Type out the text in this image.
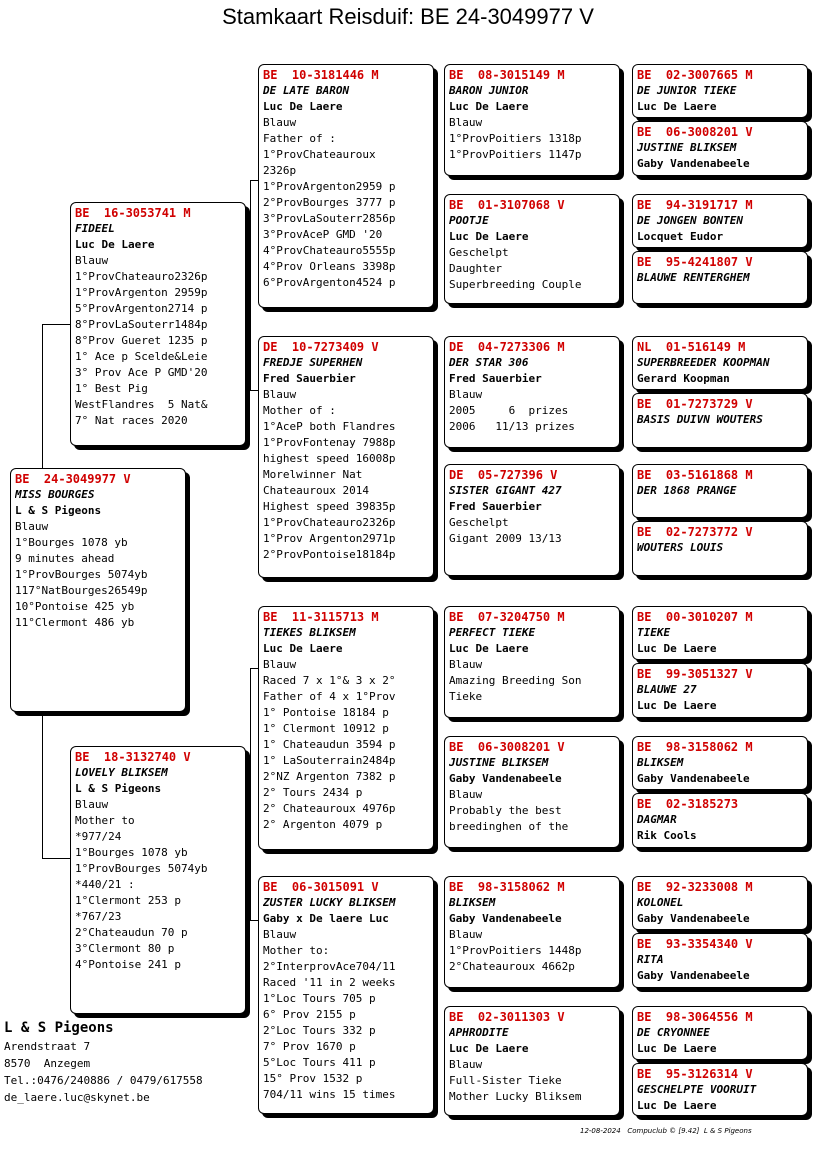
Stamkaart Reisduif: BE 24-3049977 V
BE  24-3049977 V
MISS BOURGES
L & S Pigeons
Blauw
1°Bourges 1078 yb
9 minutes ahead
1°ProvBourges 5074yb
117°NatBourges26549p
10°Pontoise 425 yb
11°Clermont 486 yb
BE  16-3053741 M
FIDEEL
Luc De Laere
Blauw
1°ProvChateauro2326p
1°ProvArgenton 2959p
5°ProvArgenton2714 p
8°ProvLaSouterr1484p
8°Prov Gueret 1235 p
1° Ace p Scelde&Leie
3° Prov Ace P GMD'20
1° Best Pig
WestFlandres  5 Nat&
7° Nat races 2020
BE  18-3132740 V
LOVELY BLIKSEM
L & S Pigeons
Blauw
Mother to
*977/24
1°Bourges 1078 yb
1°ProvBourges 5074yb
*440/21 :
1°Clermont 253 p
*767/23
2°Chateaudun 70 p
3°Clermont 80 p
4°Pontoise 241 p
BE  10-3181446 M
DE LATE BARON
Luc De Laere
Blauw
Father of :
1°ProvChateauroux
2326p
1°ProvArgenton2959 p
2°ProvBourges 3777 p
3°ProvLaSouterr2856p
3°ProvAceP GMD '20
4°ProvChateauro5555p
4°Prov Orleans 3398p
6°ProvArgenton4524 p
DE  10-7273409 V
FREDJE SUPERHEN
Fred Sauerbier
Blauw
Mother of :
1°AceP both Flandres
1°ProvFontenay 7988p
highest speed 16008p
Morelwinner Nat
Chateauroux 2014
Highest speed 39835p
1°ProvChateauro2326p
1°Prov Argenton2971p
2°ProvPontoise18184p
BE  11-3115713 M
TIEKES BLIKSEM
Luc De Laere
Blauw
Raced 7 x 1°& 3 x 2°
Father of 4 x 1°Prov
1° Pontoise 18184 p
1° Clermont 10912 p
1° Chateaudun 3594 p
1° LaSouterrain2484p
2°NZ Argenton 7382 p
2° Tours 2434 p
2° Chateauroux 4976p
2° Argenton 4079 p
BE  06-3015091 V
ZUSTER LUCKY BLIKSEM
Gaby x De laere Luc
Blauw
Mother to:
2°InterprovAce704/11
Raced '11 in 2 weeks
1°Loc Tours 705 p
6° Prov 2155 p
2°Loc Tours 332 p
7° Prov 1670 p
5°Loc Tours 411 p
15° Prov 1532 p
704/11 wins 15 times
BE  08-3015149 M
BARON JUNIOR
Luc De Laere
Blauw
1°ProvPoitiers 1318p
1°ProvPoitiers 1147p
BE  01-3107068 V
POOTJE
Luc De Laere
Geschelpt
Daughter
Superbreeding Couple
DE  04-7273306 M
DER STAR 306
Fred Sauerbier
Blauw
2005     6  prizes
2006   11/13 prizes
DE  05-727396 V
SISTER GIGANT 427
Fred Sauerbier
Geschelpt
Gigant 2009 13/13
BE  07-3204750 M
PERFECT TIEKE
Luc De Laere
Blauw
Amazing Breeding Son
Tieke
BE  06-3008201 V
JUSTINE BLIKSEM
Gaby Vandenabeele
Blauw
Probably the best
breedinghen of the
BE  98-3158062 M
BLIKSEM
Gaby Vandenabeele
Blauw
1°ProvPoitiers 1448p
2°Chateauroux 4662p
BE  02-3011303 V
APHRODITE
Luc De Laere
Blauw
Full-Sister Tieke
Mother Lucky Bliksem
BE  02-3007665 M
DE JUNIOR TIEKE
Luc De Laere
BE  06-3008201 V
JUSTINE BLIKSEM
Gaby Vandenabeele
BE  94-3191717 M
DE JONGEN BONTEN
Locquet Eudor
BE  95-4241807 V
BLAUWE RENTERGHEM
NL  01-516149 M
SUPERBREEDER KOOPMAN
Gerard Koopman
BE  01-7273729 V
BASIS DUIVN WOUTERS
BE  03-5161868 M
DER 1868 PRANGE
BE  02-7273772 V
WOUTERS LOUIS
BE  00-3010207 M
TIEKE
Luc De Laere
BE  99-3051327 V
BLAUWE 27
Luc De Laere
BE  98-3158062 M
BLIKSEM
Gaby Vandenabeele
BE  02-3185273
DAGMAR
Rik Cools
BE  92-3233008 M
KOLONEL
Gaby Vandenabeele
BE  93-3354340 V
RITA
Gaby Vandenabeele
BE  98-3064556 M
DE CRYONNEE
Luc De Laere
BE  95-3126314 V
GESCHELPTE VOORUIT
Luc De Laere
L & S Pigeons
Arendstraat 7
8570  Anzegem
Tel.:0476/240886 / 0479/617558
de_laere.luc@skynet.be
12-08-2024   Compuclub © [9.42]  L & S Pigeons
